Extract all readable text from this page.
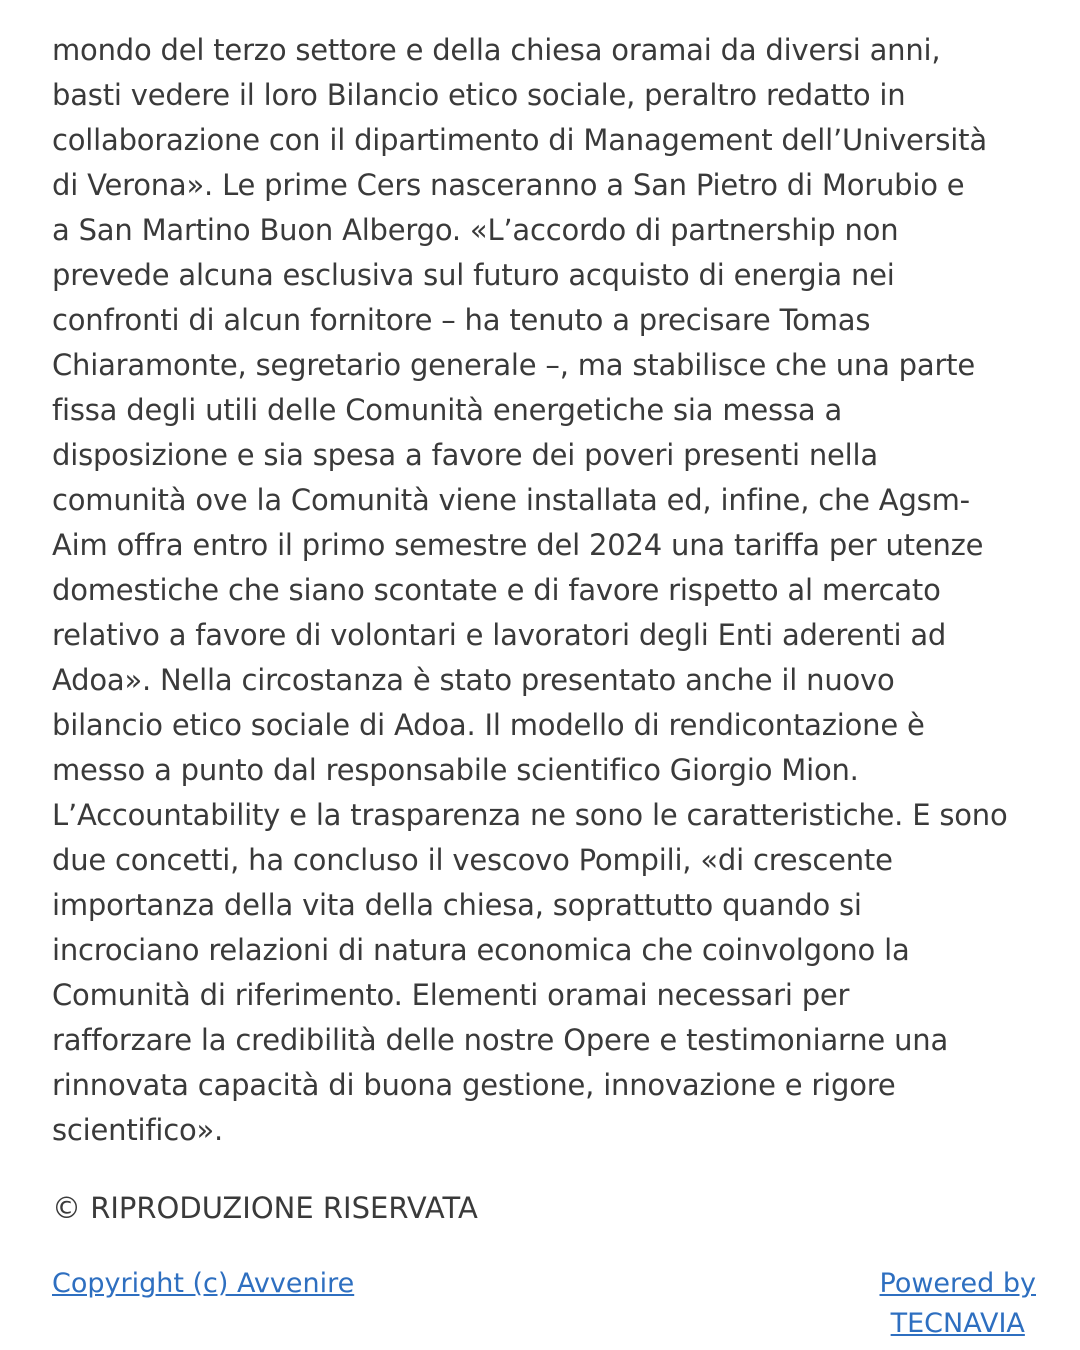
mondo del terzo settore e della chiesa oramai da diversi anni,
basti vedere il loro Bilancio etico sociale, peraltro redatto in
collaborazione con il dipartimento di Management dell’Università
di Verona». Le prime Cers nasceranno a San Pietro di Morubio e
a San Martino Buon Albergo. «L’accordo di partnership non
prevede alcuna esclusiva sul futuro acquisto di energia nei
confronti di alcun fornitore – ha tenuto a precisare Tomas
Chiaramonte, segretario generale –, ma stabilisce che una parte
fissa degli utili delle Comunità energetiche sia messa a
disposizione e sia spesa a favore dei poveri presenti nella
comunità ove la Comunità viene installata ed, infine, che Agsm-
Aim offra entro il primo semestre del 2024 una tariffa per utenze
domestiche che siano scontate e di favore rispetto al mercato
relativo a favore di volontari e lavoratori degli Enti aderenti ad
Adoa». Nella circostanza è stato presentato anche il nuovo
bilancio etico sociale di Adoa. Il modello di rendicontazione è
messo a punto dal responsabile scientifico Giorgio Mion.
L’Accountability e la trasparenza ne sono le caratteristiche. E sono
due concetti, ha concluso il vescovo Pompili, «di crescente
importanza della vita della chiesa, soprattutto quando si
incrociano relazioni di natura economica che coinvolgono la
Comunità di riferimento. Elementi oramai necessari per
rafforzare la credibilità delle nostre Opere e testimoniarne una
rinnovata capacità di buona gestione, innovazione e rigore
scientifico».
© RIPRODUZIONE RISERVATA
Copyright (c) Avvenire	Powered by
TECNAVIA
